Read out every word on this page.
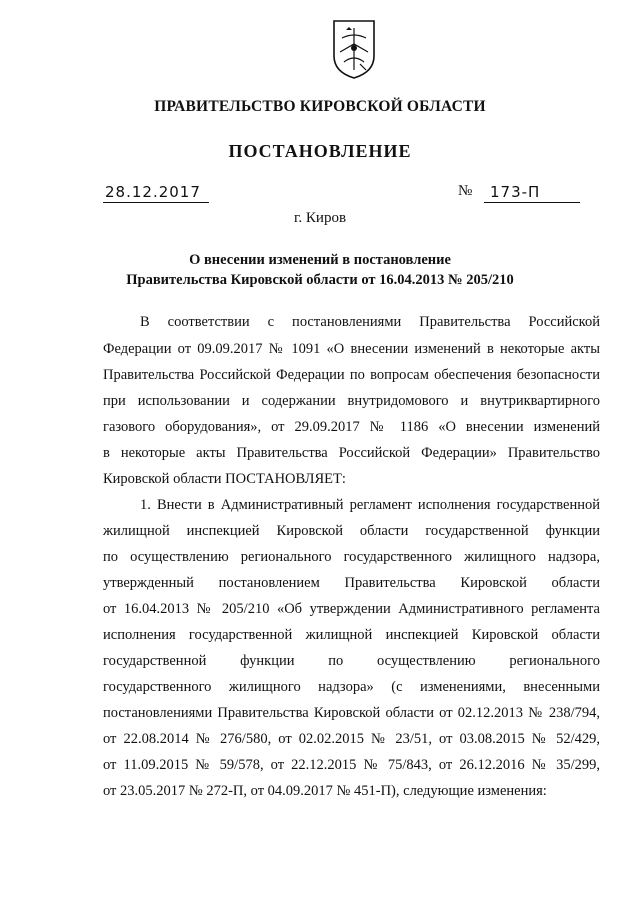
ПРАВИТЕЛЬСТВО КИРОВСКОЙ ОБЛАСТИ
ПОСТАНОВЛЕНИЕ
28.12.2017	№	173-П
г. Киров
О внесении изменений в постановление
Правительства Кировской области от 16.04.2013 № 205/210
В соответствии с постановлениями Правительства Российской
Федерации от 09.09.2017 № 1091 «О внесении изменений в некоторые акты
Правительства Российской Федерации по вопросам обеспечения безопасности
при использовании и содержании внутридомового и внутриквартирного
газового оборудования», от 29.09.2017 № 1186 «О внесении изменений
в некоторые акты Правительства Российской Федерации» Правительство
Кировской области ПОСТАНОВЛЯЕТ:
1. Внести в Административный регламент исполнения государственной
жилищной инспекцией Кировской области государственной функции
по осуществлению регионального государственного жилищного надзора,
утвержденный постановлением Правительства Кировской области
от 16.04.2013 № 205/210 «Об утверждении Административного регламента
исполнения государственной жилищной инспекцией Кировской области
государственной функции по осуществлению регионального
государственного жилищного надзора» (с изменениями, внесенными
постановлениями Правительства Кировской области от 02.12.2013 № 238/794,
от 22.08.2014 № 276/580, от 02.02.2015 № 23/51, от 03.08.2015 № 52/429,
от 11.09.2015 № 59/578, от 22.12.2015 № 75/843, от 26.12.2016 № 35/299,
от 23.05.2017 № 272-П, от 04.09.2017 № 451-П), следующие изменения:
